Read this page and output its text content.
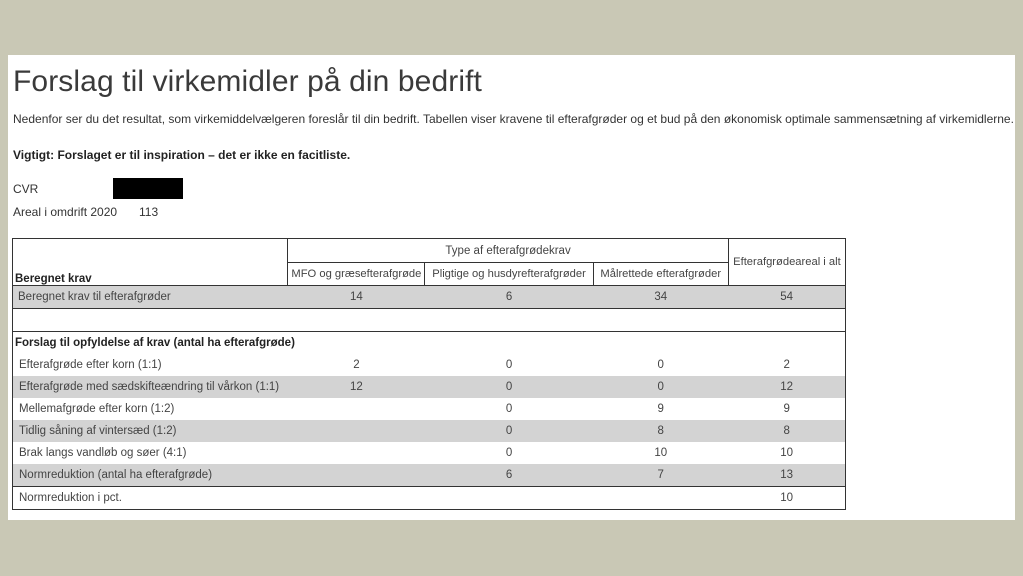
Forslag til virkemidler på din bedrift

Nedenfor ser du det resultat, som virkemiddelvælgeren foreslår til din bedrift. Tabellen viser kravene til efterafgrøder og et bud på den økonomisk optimale sammensætning af virkemidlerne.

Vigtigt: Forslaget er til inspiration – det er ikke en facitliste.

CVR
Areal i omdrift 2020 113
Beregnet krav	Type af efterafgrødekrav			Efterafgrødeareal i alt
	MFO og græsefterafgrøde	Pligtige og husdyrefterafgrøder	Målrettede efterafgrøder	
Beregnet krav til efterafgrøder	14	6	34	54

Forslag til opfyldelse af krav (antal ha efterafgrøde)				
Efterafgrøde efter korn (1:1)	2	0	0	2
Efterafgrøde med sædskifteændring til vårkon (1:1)	12	0	0	12
Mellemafgrøde efter korn (1:2)		0	9	9
Tidlig såning af vintersæd (1:2)		0	8	8
Brak langs vandløb og søer (4:1)		0	10	10
Normreduktion (antal ha efterafgrøde)		6	7	13
Normreduktion i pct.				10
